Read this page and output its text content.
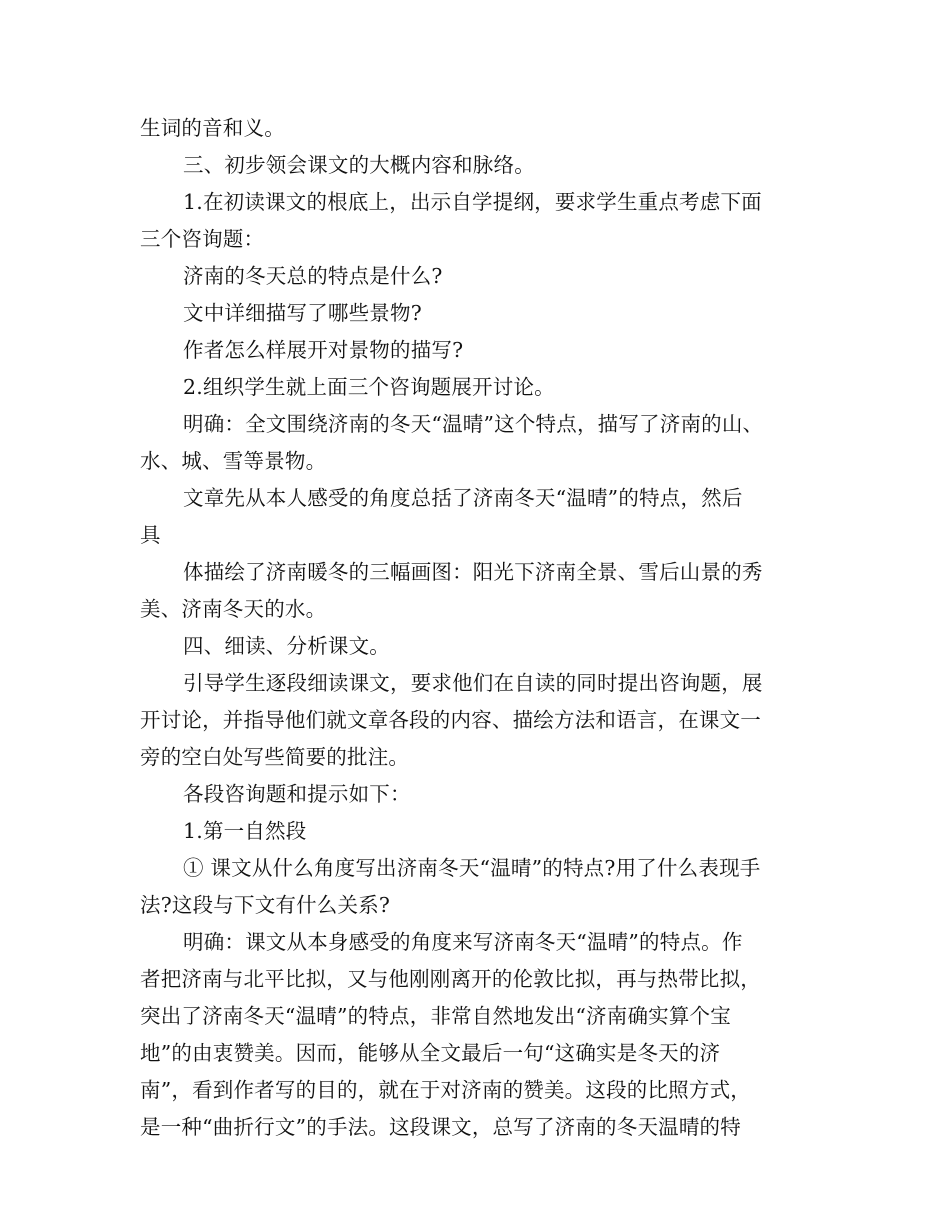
生词的音和义。
三、初步领会课文的大概内容和脉络。
1.在初读课文的根底上，出示自学提纲，要求学生重点考虑下面
三个咨询题：
济南的冬天总的特点是什么?
文中详细描写了哪些景物?
作者怎么样展开对景物的描写?
2.组织学生就上面三个咨询题展开讨论。
明确：全文围绕济南的冬天“温晴”这个特点，描写了济南的山、
水、城、雪等景物。
文章先从本人感受的角度总括了济南冬天“温晴”的特点，然后
具
体描绘了济南暖冬的三幅画图：阳光下济南全景、雪后山景的秀
美、济南冬天的水。
四、细读、分析课文。
引导学生逐段细读课文，要求他们在自读的同时提出咨询题，展
开讨论，并指导他们就文章各段的内容、描绘方法和语言，在课文一
旁的空白处写些简要的批注。
各段咨询题和提示如下：
1.第一自然段
① 课文从什么角度写出济南冬天“温晴”的特点?用了什么表现手
法?这段与下文有什么关系?
明确：课文从本身感受的角度来写济南冬天“温晴”的特点。作
者把济南与北平比拟，又与他刚刚离开的伦敦比拟，再与热带比拟，
突出了济南冬天“温晴”的特点，非常自然地发出“济南确实算个宝
地”的由衷赞美。因而，能够从全文最后一句“这确实是冬天的济
南”，看到作者写的目的，就在于对济南的赞美。这段的比照方式，
是一种“曲折行文”的手法。这段课文，总写了济南的冬天温晴的特
